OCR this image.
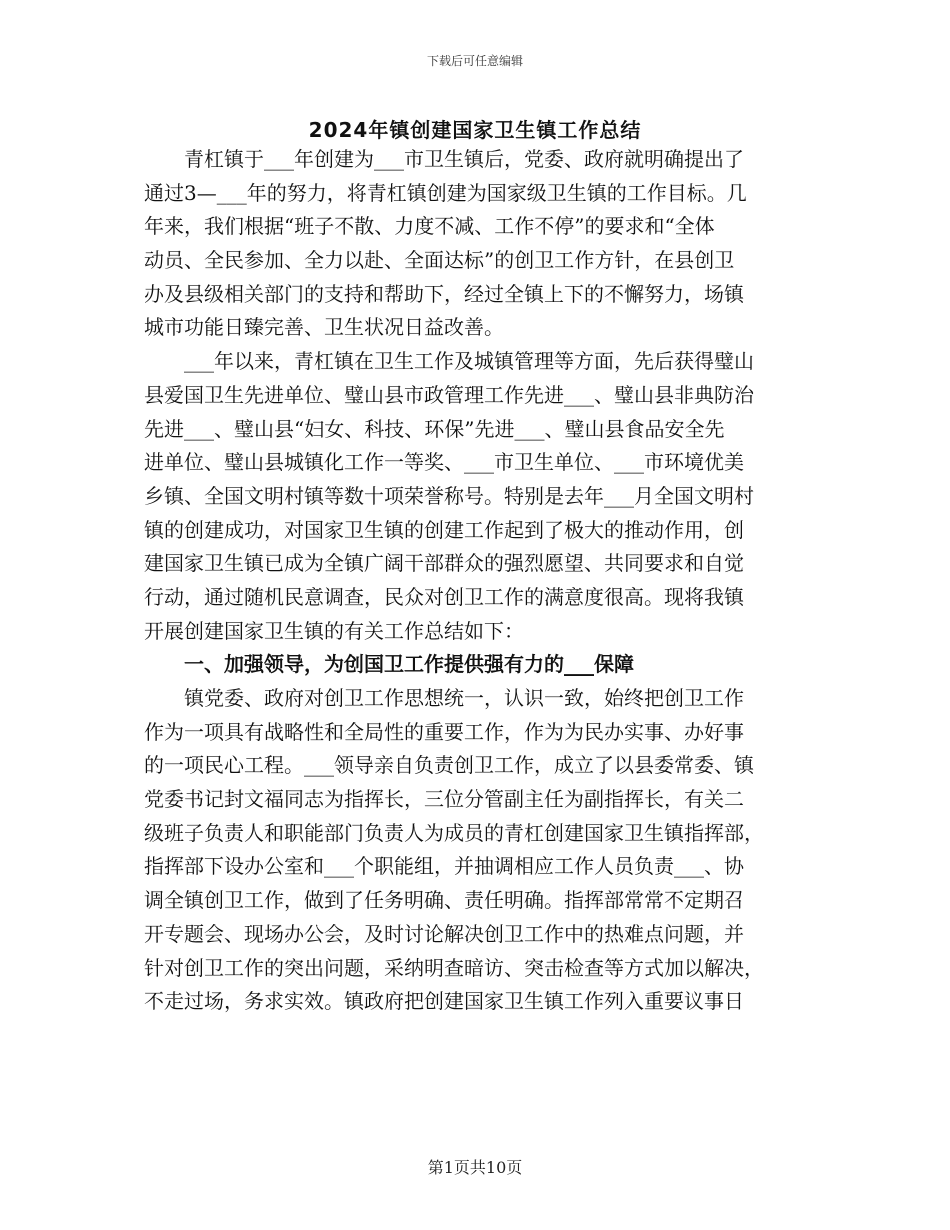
下载后可任意编辑
2024年镇创建国家卫生镇工作总结
　　青杠镇于___年创建为___市卫生镇后，党委、政府就明确提出了
通过3—___年的努力，将青杠镇创建为国家级卫生镇的工作目标。几
年来，我们根据“班子不散、力度不减、工作不停”的要求和“全体
动员、全民参加、全力以赴、全面达标”的创卫工作方针，在县创卫
办及县级相关部门的支持和帮助下，经过全镇上下的不懈努力，场镇
城市功能日臻完善、卫生状况日益改善。
　　___年以来，青杠镇在卫生工作及城镇管理等方面，先后获得璧山
县爱国卫生先进单位、璧山县市政管理工作先进___、璧山县非典防治
先进___、璧山县“妇女、科技、环保”先进___、璧山县食品安全先
进单位、璧山县城镇化工作一等奖、___市卫生单位、___市环境优美
乡镇、全国文明村镇等数十项荣誉称号。特别是去年___月全国文明村
镇的创建成功，对国家卫生镇的创建工作起到了极大的推动作用，创
建国家卫生镇已成为全镇广阔干部群众的强烈愿望、共同要求和自觉
行动，通过随机民意调查，民众对创卫工作的满意度很高。现将我镇
开展创建国家卫生镇的有关工作总结如下：
　　一、加强领导，为创国卫工作提供强有力的___保障
　　镇党委、政府对创卫工作思想统一，认识一致，始终把创卫工作
作为一项具有战略性和全局性的重要工作，作为为民办实事、办好事
的一项民心工程。___领导亲自负责创卫工作，成立了以县委常委、镇
党委书记封文福同志为指挥长，三位分管副主任为副指挥长，有关二
级班子负责人和职能部门负责人为成员的青杠创建国家卫生镇指挥部，
指挥部下设办公室和___个职能组，并抽调相应工作人员负责___、协
调全镇创卫工作，做到了任务明确、责任明确。指挥部常常不定期召
开专题会、现场办公会，及时讨论解决创卫工作中的热难点问题，并
针对创卫工作的突出问题，采纳明查暗访、突击检查等方式加以解决，
不走过场，务求实效。镇政府把创建国家卫生镇工作列入重要议事日
第1页共10页
